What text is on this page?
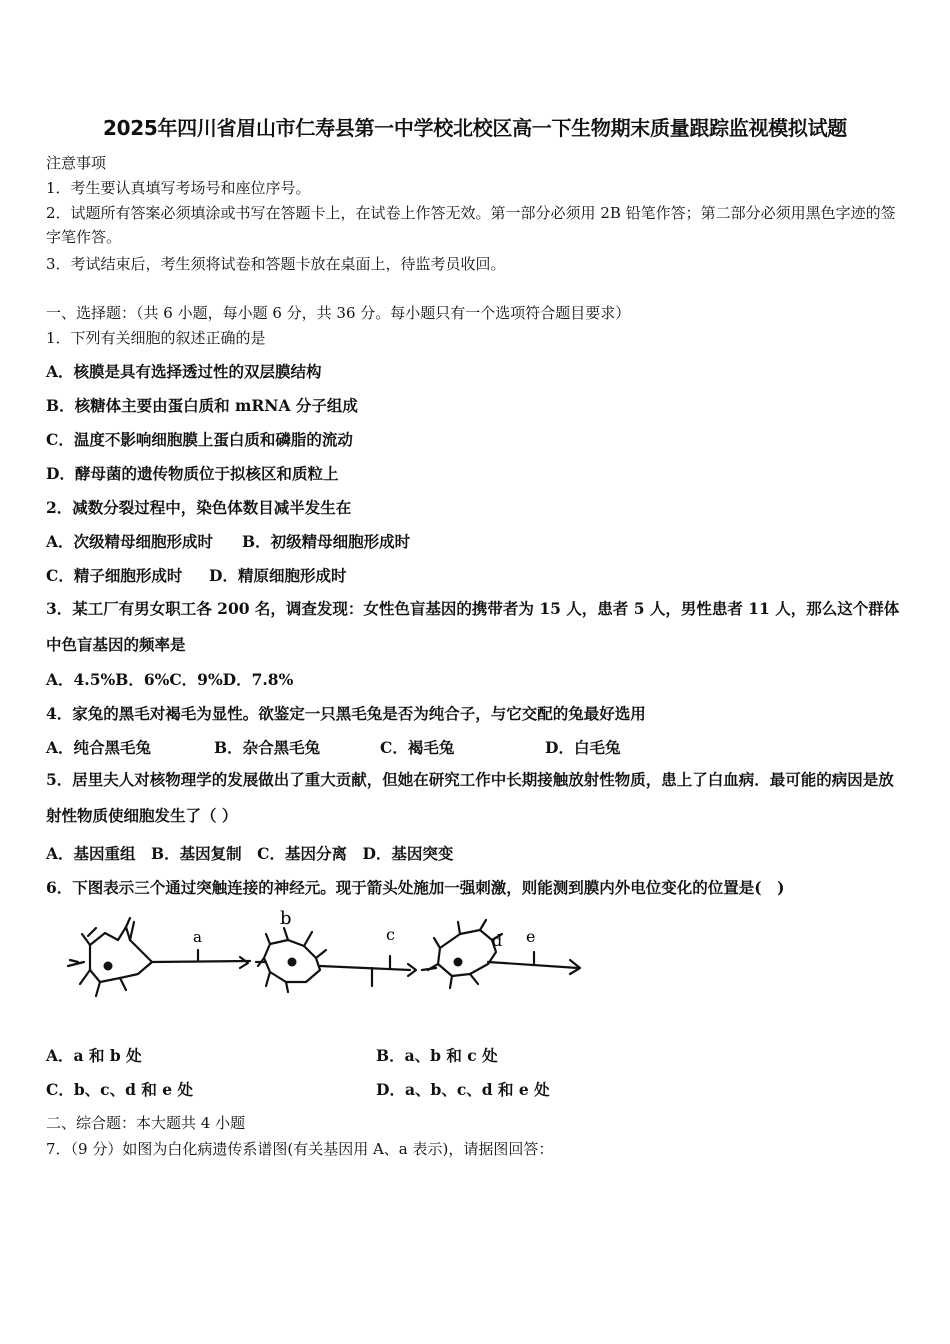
2025年四川省眉山市仁寿县第一中学校北校区高一下生物期末质量跟踪监视模拟试题
注意事项
1．考生要认真填写考场号和座位序号。
2．试题所有答案必须填涂或书写在答题卡上，在试卷上作答无效。第一部分必须用 2B 铅笔作答；第二部分必须用黑色字迹的签字笔作答。
3．考试结束后，考生须将试卷和答题卡放在桌面上，待监考员收回。
一、选择题：（共 6 小题，每小题 6 分，共 36 分。每小题只有一个选项符合题目要求）
1．下列有关细胞的叙述正确的是
A．核膜是具有选择透过性的双层膜结构
B．核糖体主要由蛋白质和 mRNA 分子组成
C．温度不影响细胞膜上蛋白质和磷脂的流动
D．酵母菌的遗传物质位于拟核区和质粒上
2．减数分裂过程中，染色体数目减半发生在
A．次级精母细胞形成时	B．初级精母细胞形成时
C．精子细胞形成时	D．精原细胞形成时
3．某工厂有男女职工各 200 名，调查发现：女性色盲基因的携带者为 15 人，患者 5 人，男性患者 11 人，那么这个群体中色盲基因的频率是
A．4.5%B．6%C．9%D．7.8%
4．家兔的黑毛对褐毛为显性。欲鉴定一只黑毛兔是否为纯合子，与它交配的兔最好选用
A．纯合黑毛兔	B．杂合黑毛兔	C．褐毛兔	D．白毛兔
5．居里夫人对核物理学的发展做出了重大贡献，但她在研究工作中长期接触放射性物质，患上了白血病．最可能的病因是放射性物质使细胞发生了（ ）
A．基因重组　B．基因复制　C．基因分离　D．基因突变
6．下图表示三个通过突触连接的神经元。现于箭头处施加一强刺激，则能测到膜内外电位变化的位置是(　)
a
b
c	d e
A．a 和 b 处	B．a、b 和 c 处
C．b、c、d 和 e 处	D．a、b、c、d 和 e 处
二、综合题：本大题共 4 小题
7．（9 分）如图为白化病遗传系谱图(有关基因用 A、a 表示)，请据图回答：
